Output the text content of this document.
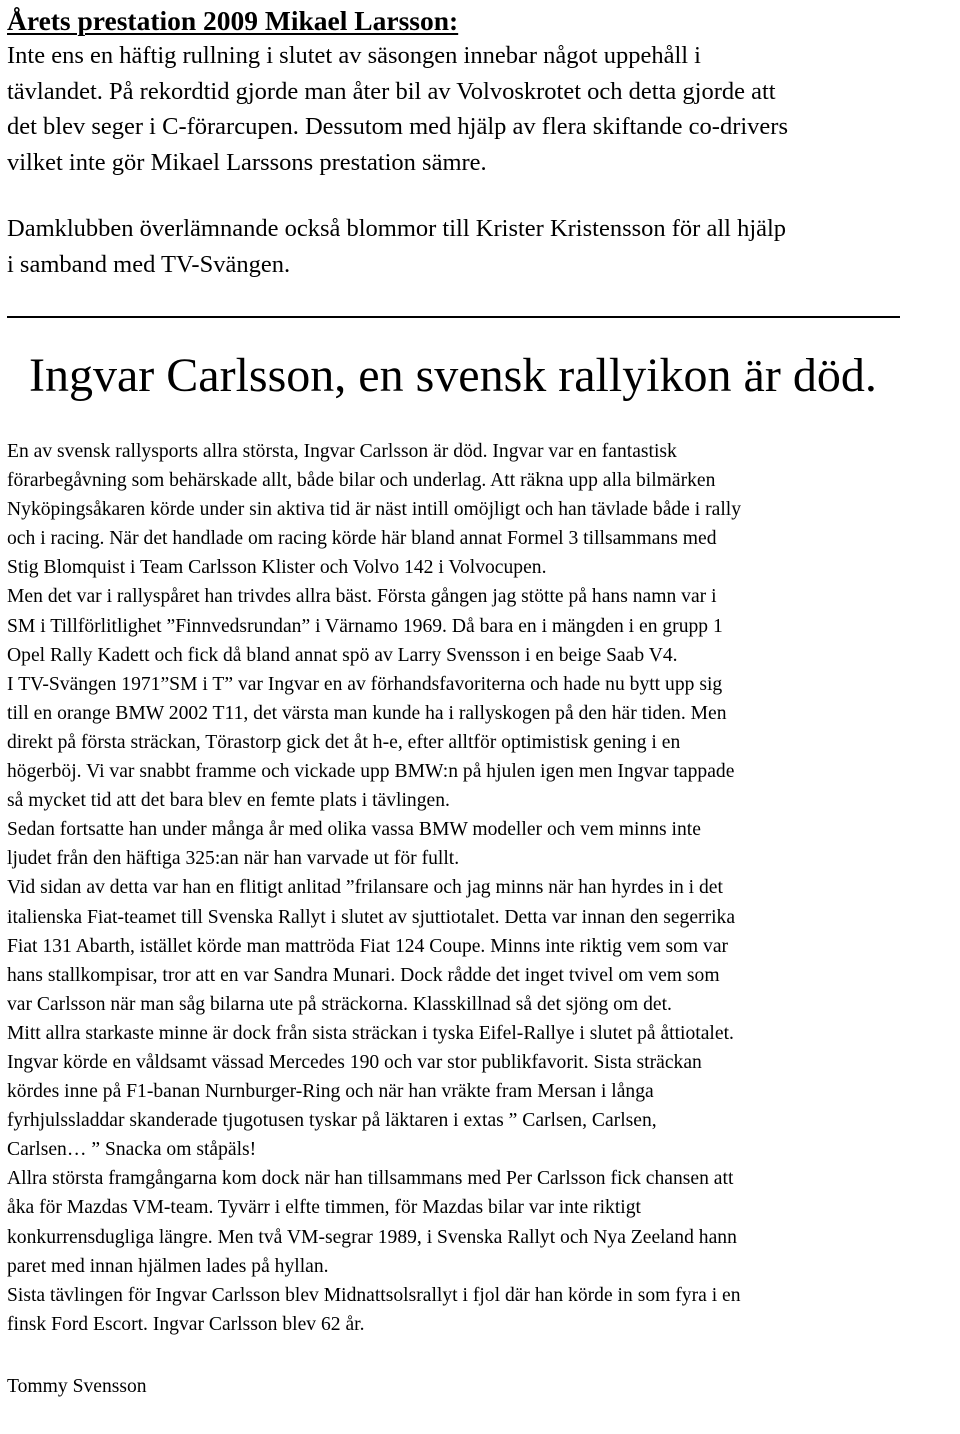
Årets prestation 2009 Mikael Larsson:
Inte ens en häftig rullning i slutet av säsongen innebar något uppehåll i
tävlandet. På rekordtid gjorde man åter bil av Volvoskrotet och detta gjorde att
det blev seger i C-förarcupen. Dessutom med hjälp av flera skiftande co-drivers
vilket inte gör Mikael Larssons prestation sämre.
Damklubben överlämnande också blommor till Krister Kristensson för all hjälp
i samband med TV-Svängen.
Ingvar Carlsson, en svensk rallyikon är död.
En av svensk rallysports allra största, Ingvar Carlsson är död. Ingvar var en fantastisk
förarbegåvning som behärskade allt, både bilar och underlag. Att räkna upp alla bilmärken
Nyköpingsåkaren körde under sin aktiva tid är näst intill omöjligt och han tävlade både i rally
och i racing. När det handlade om racing körde här bland annat Formel 3 tillsammans med
Stig Blomquist i Team Carlsson Klister och Volvo 142 i Volvocupen.
Men det var i rallyspåret han trivdes allra bäst. Första gången jag stötte på hans namn var i
SM i Tillförlitlighet ”Finnvedsrundan” i Värnamo 1969. Då bara en i mängden i en grupp 1
Opel Rally Kadett och fick då bland annat spö av Larry Svensson i en beige Saab V4.
I TV-Svängen 1971”SM i T” var Ingvar en av förhandsfavoriterna och hade nu bytt upp sig
till en orange BMW 2002 T11, det värsta man kunde ha i rallyskogen på den här tiden. Men
direkt på första sträckan, Törastorp gick det åt h-e, efter alltför optimistisk gening i en
högerböj. Vi var snabbt framme och vickade upp BMW:n på hjulen igen men Ingvar tappade
så mycket tid att det bara blev en femte plats i tävlingen.
Sedan fortsatte han under många år med olika vassa BMW modeller och vem minns inte
ljudet från den häftiga 325:an när han varvade ut för fullt.
Vid sidan av detta var han en flitigt anlitad ”frilansare och jag minns när han hyrdes in i det
italienska Fiat-teamet till Svenska Rallyt i slutet av sjuttiotalet. Detta var innan den segerrika
Fiat 131 Abarth, istället körde man mattröda Fiat 124 Coupe. Minns inte riktig vem som var
hans stallkompisar, tror att en var Sandra Munari. Dock rådde det inget tvivel om vem som
var Carlsson när man såg bilarna ute på sträckorna. Klasskillnad så det sjöng om det.
Mitt allra starkaste minne är dock från sista sträckan i tyska Eifel-Rallye i slutet på åttiotalet.
Ingvar körde en våldsamt vässad Mercedes 190 och var stor publikfavorit. Sista sträckan
kördes inne på F1-banan Nurnburger-Ring och när han vräkte fram Mersan i långa
fyrhjulssladdar skanderade tjugotusen tyskar på läktaren i extas ” Carlsen, Carlsen,
Carlsen… ” Snacka om ståpäls!
Allra största framgångarna kom dock när han tillsammans med Per Carlsson fick chansen att
åka för Mazdas VM-team. Tyvärr i elfte timmen, för Mazdas bilar var inte riktigt
konkurrensdugliga längre. Men två VM-segrar 1989, i Svenska Rallyt och Nya Zeeland hann
paret med innan hjälmen lades på hyllan.
Sista tävlingen för Ingvar Carlsson blev Midnattsolsrallyt i fjol där han körde in som fyra i en
finsk Ford Escort. Ingvar Carlsson blev 62 år.
Tommy Svensson
